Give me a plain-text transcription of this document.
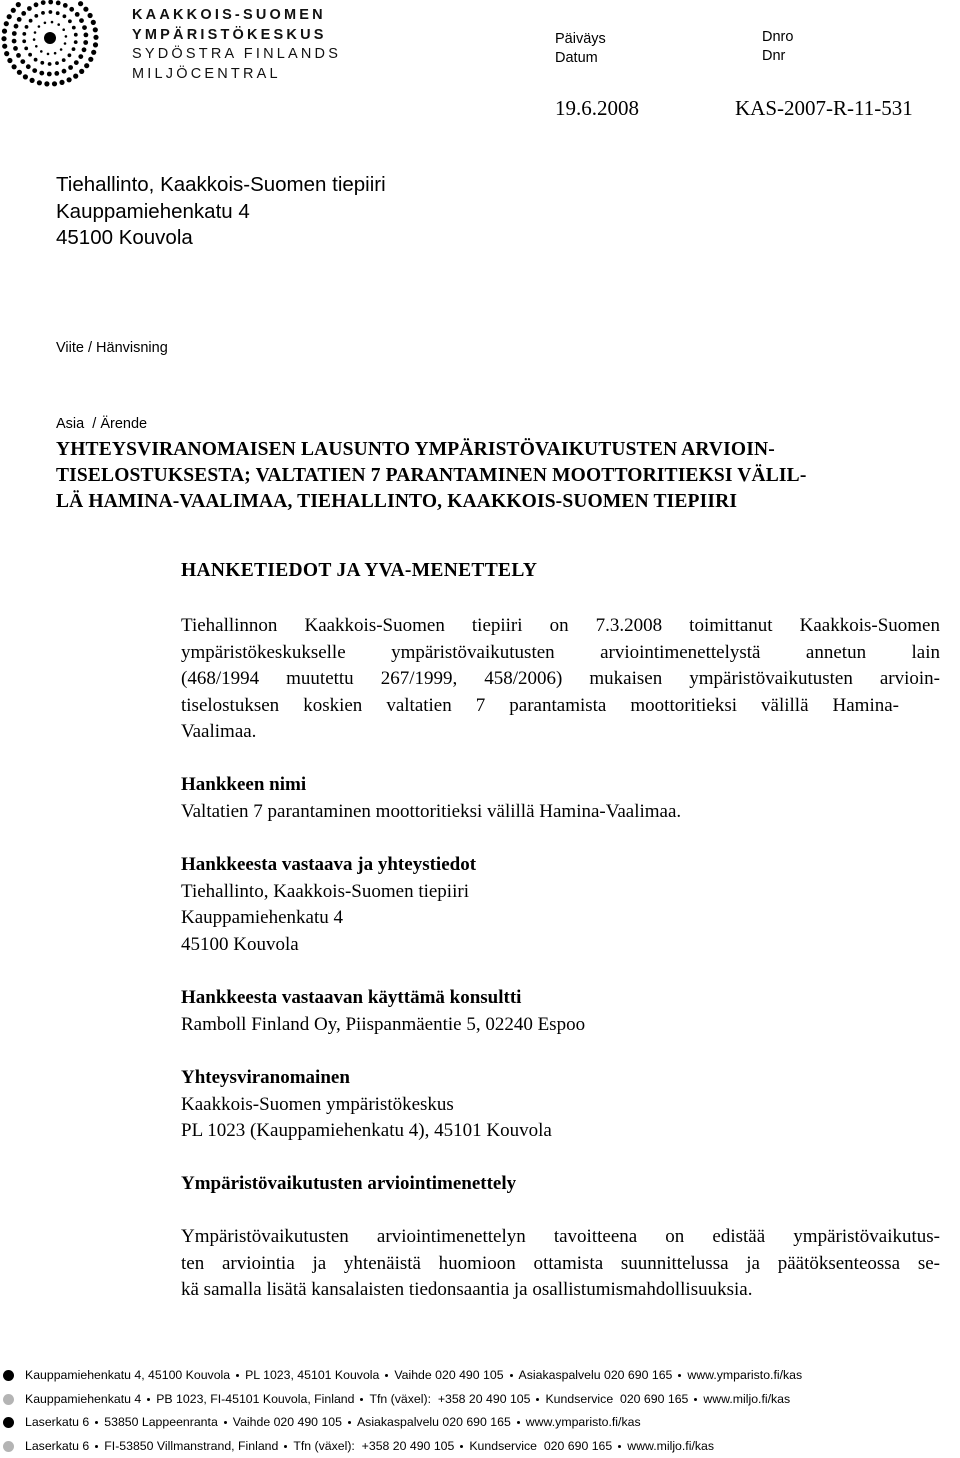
KAAKKOIS-SUOMEN
YMPÄRISTÖKESKUS
SYDÖSTRA FINLANDS
MILJÖCENTRAL
Päiväys
Datum
Dnro
Dnr
19.6.2008	KAS-2007-R-11-531
Tiehallinto, Kaakkois-Suomen tiepiiri
Kauppamiehenkatu 4
45100 Kouvola
Viite / Hänvisning
Asia  / Ärende
YHTEYSVIRANOMAISEN LAUSUNTO YMPÄRISTÖVAIKUTUSTEN ARVIOIN-
TISELOSTUKSESTA; VALTATIEN 7 PARANTAMINEN MOOTTORITIEKSI VÄLIL-
LÄ HAMINA-VAALIMAA, TIEHALLINTO, KAAKKOIS-SUOMEN TIEPIIRI
HANKETIEDOT JA YVA-MENETTELY
Tiehallinnon Kaakkois-Suomen tiepiiri on 7.3.2008 toimittanut Kaakkois-Suomen
ympäristökeskukselle ympäristövaikutusten arviointimenettelystä annetun lain
(468/1994 muutettu 267/1999, 458/2006) mukaisen ympäristövaikutusten arvioin-
tiselostuksen koskien valtatien 7 parantamista moottoritieksi välillä Hamina-
Vaalimaa.
Hankkeen nimi
Valtatien 7 parantaminen moottoritieksi välillä Hamina-Vaalimaa.
Hankkeesta vastaava ja yhteystiedot
Tiehallinto, Kaakkois-Suomen tiepiiri
Kauppamiehenkatu 4
45100 Kouvola
Hankkeesta vastaavan käyttämä konsultti
Ramboll Finland Oy, Piispanmäentie 5, 02240 Espoo
Yhteysviranomainen
Kaakkois-Suomen ympäristökeskus
PL 1023 (Kauppamiehenkatu 4), 45101 Kouvola
Ympäristövaikutusten arviointimenettely
Ympäristövaikutusten arviointimenettelyn tavoitteena on edistää ympäristövaikutus-
ten arviointia ja yhtenäistä huomioon ottamista suunnittelussa ja päätöksenteossa se-
kä samalla lisätä kansalaisten tiedonsaantia ja osallistumismahdollisuuksia.
Kauppamiehenkatu 4, 45100 Kouvola PL 1023, 45101 Kouvola Vaihde 020 490 105 Asiakaspalvelu 020 690 165 www.ymparisto.fi/kas
Kauppamiehenkatu 4 PB 1023, FI-45101 Kouvola, Finland Tfn (växel):  +358 20 490 105 Kundservice  020 690 165 www.miljo.fi/kas
Laserkatu 6 53850 Lappeenranta Vaihde 020 490 105 Asiakaspalvelu 020 690 165 www.ymparisto.fi/kas
Laserkatu 6 FI-53850 Villmanstrand, Finland Tfn (växel):  +358 20 490 105 Kundservice  020 690 165 www.miljo.fi/kas
